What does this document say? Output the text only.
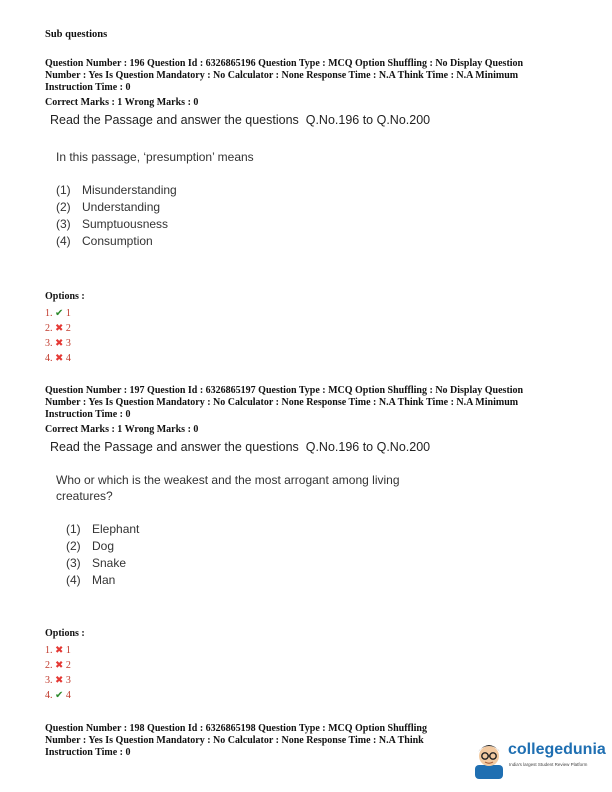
Sub questions
Question Number : 196 Question Id : 6326865196 Question Type : MCQ Option Shuffling : No Display Question
Number : Yes Is Question Mandatory : No Calculator : None Response Time : N.A Think Time : N.A Minimum
Instruction Time : 0
Correct Marks : 1 Wrong Marks : 0
Read the Passage and answer the questions  Q.No.196 to Q.No.200
In this passage, ‘presumption’ means
(1) Misunderstanding
(2) Understanding
(3) Sumptuousness
(4) Consumption
Options :
1. ✔ 1
2. ✖ 2
3. ✖ 3
4. ✖ 4
Question Number : 197 Question Id : 6326865197 Question Type : MCQ Option Shuffling : No Display Question
Number : Yes Is Question Mandatory : No Calculator : None Response Time : N.A Think Time : N.A Minimum
Instruction Time : 0
Correct Marks : 1 Wrong Marks : 0
Read the Passage and answer the questions  Q.No.196 to Q.No.200
Who or which is the weakest and the most arrogant among living
creatures?
(1) Elephant
(2) Dog
(3) Snake
(4) Man
Options :
1. ✖ 1
2. ✖ 2
3. ✖ 3
4. ✔ 4
Question Number : 198 Question Id : 6326865198 Question Type : MCQ Option Shuffling
Number : Yes Is Question Mandatory : No Calculator : None Response Time : N.A Think
Instruction Time : 0	collegedunia
India's largest Student Review Platform
